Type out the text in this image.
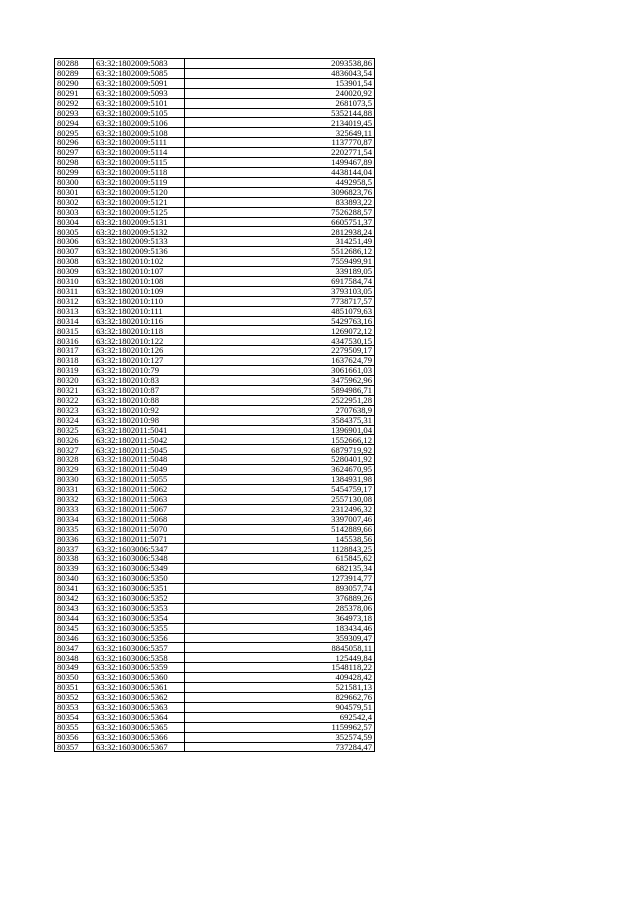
80288	63:32:1802009:5083	2093538,86
80289	63:32:1802009:5085	4836043,54
80290	63:32:1802009:5091	153901,54
80291	63:32:1802009:5093	240020,92
80292	63:32:1802009:5101	2681073,5
80293	63:32:1802009:5105	5352144,88
80294	63:32:1802009:5106	2134019,45
80295	63:32:1802009:5108	325649,11
80296	63:32:1802009:5111	1137770,87
80297	63:32:1802009:5114	2202771,54
80298	63:32:1802009:5115	1499467,89
80299	63:32:1802009:5118	4438144,04
80300	63:32:1802009:5119	4492958,5
80301	63:32:1802009:5120	3096823,76
80302	63:32:1802009:5121	833893,22
80303	63:32:1802009:5125	7526288,57
80304	63:32:1802009:5131	6605751,37
80305	63:32:1802009:5132	2812938,24
80306	63:32:1802009:5133	314251,49
80307	63:32:1802009:5136	5512686,12
80308	63:32:1802010:102	7559499,91
80309	63:32:1802010:107	339189,05
80310	63:32:1802010:108	6917584,74
80311	63:32:1802010:109	3793103,05
80312	63:32:1802010:110	7738717,57
80313	63:32:1802010:111	4851079,63
80314	63:32:1802010:116	5429763,16
80315	63:32:1802010:118	1269072,12
80316	63:32:1802010:122	4347530,15
80317	63:32:1802010:126	2279509,17
80318	63:32:1802010:127	1637624,79
80319	63:32:1802010:79	3061661,03
80320	63:32:1802010:83	3475962,96
80321	63:32:1802010:87	5894986,71
80322	63:32:1802010:88	2522951,28
80323	63:32:1802010:92	2707638,9
80324	63:32:1802010:98	3584375,31
80325	63:32:1802011:5041	1396901,04
80326	63:32:1802011:5042	1552666,12
80327	63:32:1802011:5045	6879719,92
80328	63:32:1802011:5048	5280401,92
80329	63:32:1802011:5049	3624670,95
80330	63:32:1802011:5055	1384931,98
80331	63:32:1802011:5062	5454759,17
80332	63:32:1802011:5063	2557130,08
80333	63:32:1802011:5067	2312496,32
80334	63:32:1802011:5068	3397007,46
80335	63:32:1802011:5070	5142889,66
80336	63:32:1802011:5071	145538,56
80337	63:32:1603006:5347	1128843,25
80338	63:32:1603006:5348	615845,62
80339	63:32:1603006:5349	682135,34
80340	63:32:1603006:5350	1273914,77
80341	63:32:1603006:5351	893057,74
80342	63:32:1603006:5352	376889,26
80343	63:32:1603006:5353	285378,06
80344	63:32:1603006:5354	364973,18
80345	63:32:1603006:5355	183434,46
80346	63:32:1603006:5356	359309,47
80347	63:32:1603006:5357	8845058,11
80348	63:32:1603006:5358	125449,84
80349	63:32:1603006:5359	1548118,22
80350	63:32:1603006:5360	409428,42
80351	63:32:1603006:5361	521581,13
80352	63:32:1603006:5362	829662,76
80353	63:32:1603006:5363	904579,51
80354	63:32:1603006:5364	692542,4
80355	63:32:1603006:5365	1159962,57
80356	63:32:1603006:5366	352574,59
80357	63:32:1603006:5367	737284,47
